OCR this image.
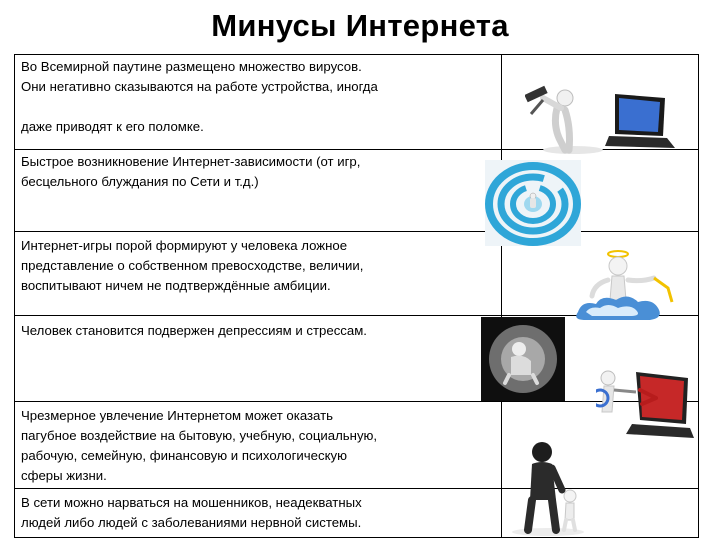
Минусы Интернета
Во Всемирной паутине размещено множество вирусов.
Они негативно сказываются на работе устройства, иногда

даже приводят к его поломке.	

Быстрое возникновение Интернет-зависимости (от игр,
бесцельного блуждания по Сети и т.д.)	

Интернет-игры порой формируют у человека ложное
представление о собственном превосходстве, величии,
воспитывают ничем не подтверждённые амбиции.	

Человек становится подвержен депрессиям и стрессам.	

Чрезмерное увлечение Интернетом может оказать
пагубное воздействие на бытовую, учебную, социальную,
рабочую, семейную, финансовую и психологическую
сферы жизни.	

В сети можно нарваться на мошенников, неадекватных
людей либо людей с заболеваниями нервной системы.	
